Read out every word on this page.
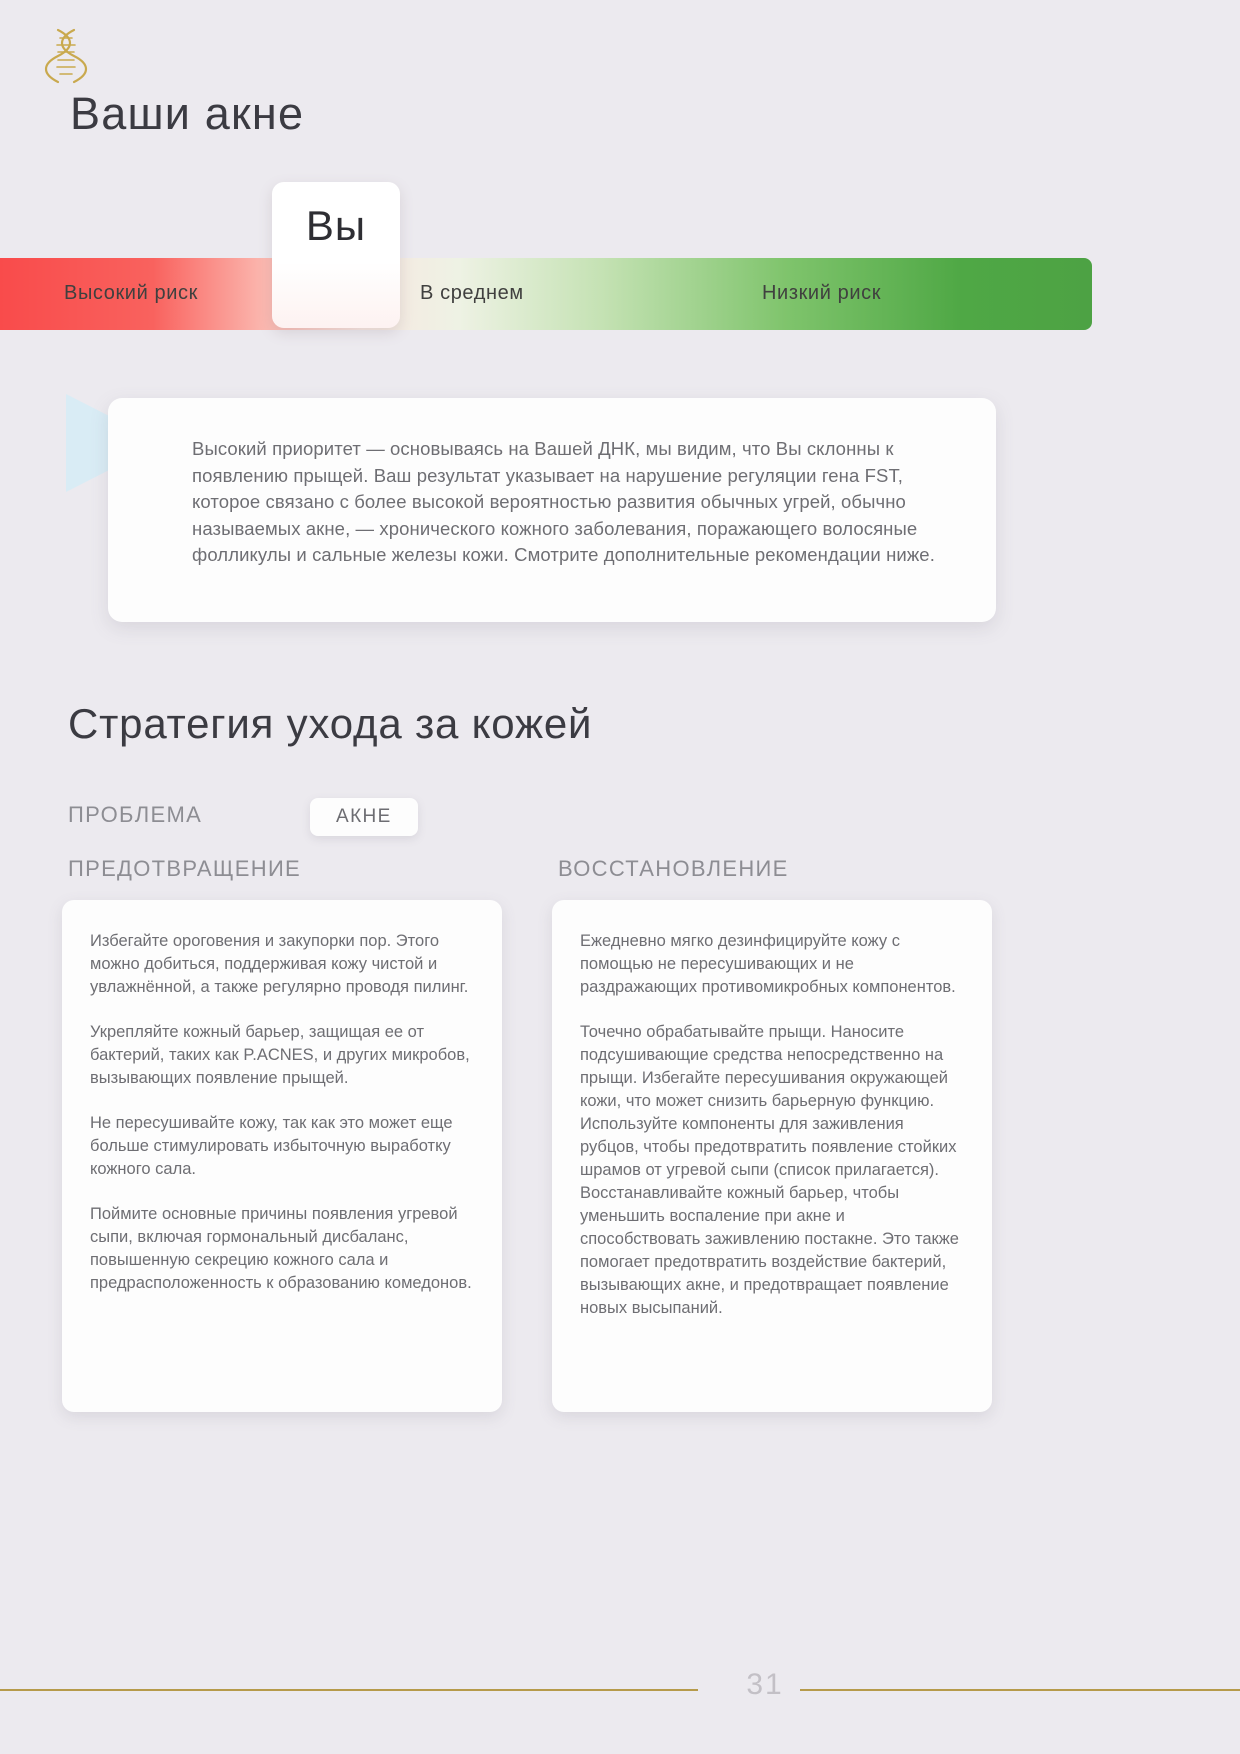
Ваши акне
Высокий риск	В среднем	Низкий риск
Вы

Высокий приоритет — основываясь на Вашей ДНК, мы видим, что Вы склонны к появлению прыщей. Ваш результат указывает на нарушение регуляции гена FST, которое связано с более высокой вероятностью развития обычных угрей, обычно называемых акне, — хронического кожного заболевания, поражающего волосяные фолликулы и сальные железы кожи. Смотрите дополнительные рекомендации ниже.

Стратегия ухода за кожей
ПРОБЛЕМА	АКНЕ
ПРЕДОТВРАЩЕНИЕ	ВОССТАНОВЛЕНИЕ

Избегайте ороговения и закупорки пор. Этого можно добиться, поддерживая кожу чистой и увлажнённой, а также регулярно проводя пилинг.

Укрепляйте кожный барьер, защищая ее от бактерий, таких как P.ACNES, и других микробов, вызывающих появление прыщей.

Не пересушивайте кожу, так как это может еще больше стимулировать избыточную выработку кожного сала.

Поймите основные причины появления угревой сыпи, включая гормональный дисбаланс, повышенную секрецию кожного сала и предрасположенность к образованию комедонов.

Ежедневно мягко дезинфицируйте кожу с помощью не пересушивающих и не раздражающих противомикробных компонентов.

Точечно обрабатывайте прыщи. Наносите подсушивающие средства непосредственно на прыщи. Избегайте пересушивания окружающей кожи, что может снизить барьерную функцию. Используйте компоненты для заживления рубцов, чтобы предотвратить появление стойких шрамов от угревой сыпи (список прилагается). Восстанавливайте кожный барьер, чтобы уменьшить воспаление при акне и способствовать заживлению постакне. Это также помогает предотвратить воздействие бактерий, вызывающих акне, и предотвращает появление новых высыпаний.

31
